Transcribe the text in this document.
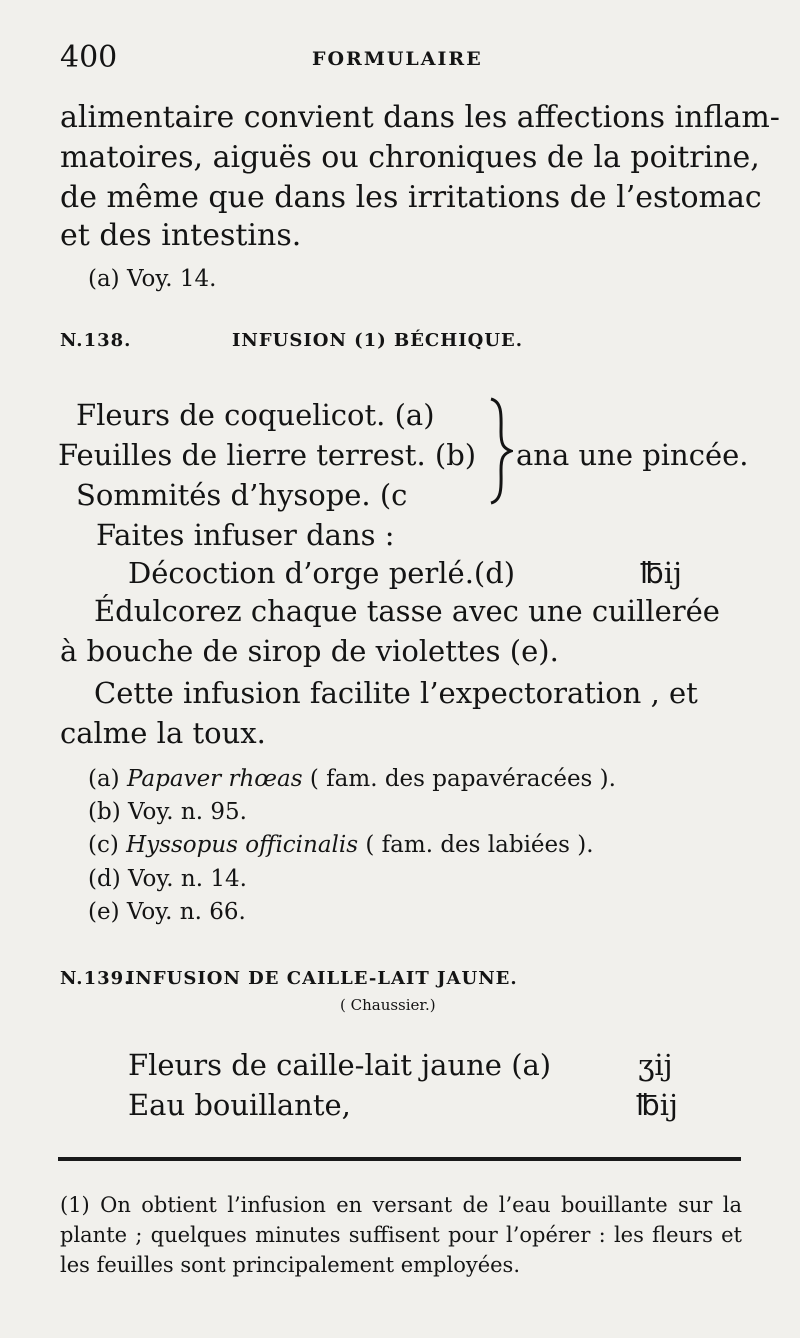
400	FORMULAIRE
alimentaire convient dans les affections inflam-
matoires, aiguës ou chroniques de la poitrine,
de même que dans les irritations de l’estomac
et des intestins.
(a) Voy. 14.
N.138.	INFUSION (1) BÉCHIQUE.
Fleurs de coquelicot. (a)
Feuilles de lierre terrest. (b)
Sommités d’hysope. (c
ana une pincée.
Faites infuser dans :
Décoction d’orge perlé.(d)	℔ij
Édulcorez chaque tasse avec une cuillerée
à bouche de sirop de violettes (e).
Cette infusion facilite l’expectoration , et
calme la toux.
(a) Papaver rhœas ( fam. des papavéracées ).
(b) Voy. n. 95.
(c) Hyssopus officinalis ( fam. des labiées ).
(d) Voy. n. 14.
(e) Voy. n. 66.
N.139.
INFUSION DE CAILLE-LAIT JAUNE.
( Chaussier.)
Fleurs de caille-lait jaune (a)	ʒij
Eau bouillante,	℔ij
(1) On obtient l’infusion en versant de l’eau bouillante sur la plante ; quelques minutes suffisent pour l’opérer : les fleurs et les feuilles sont principalement employées.
